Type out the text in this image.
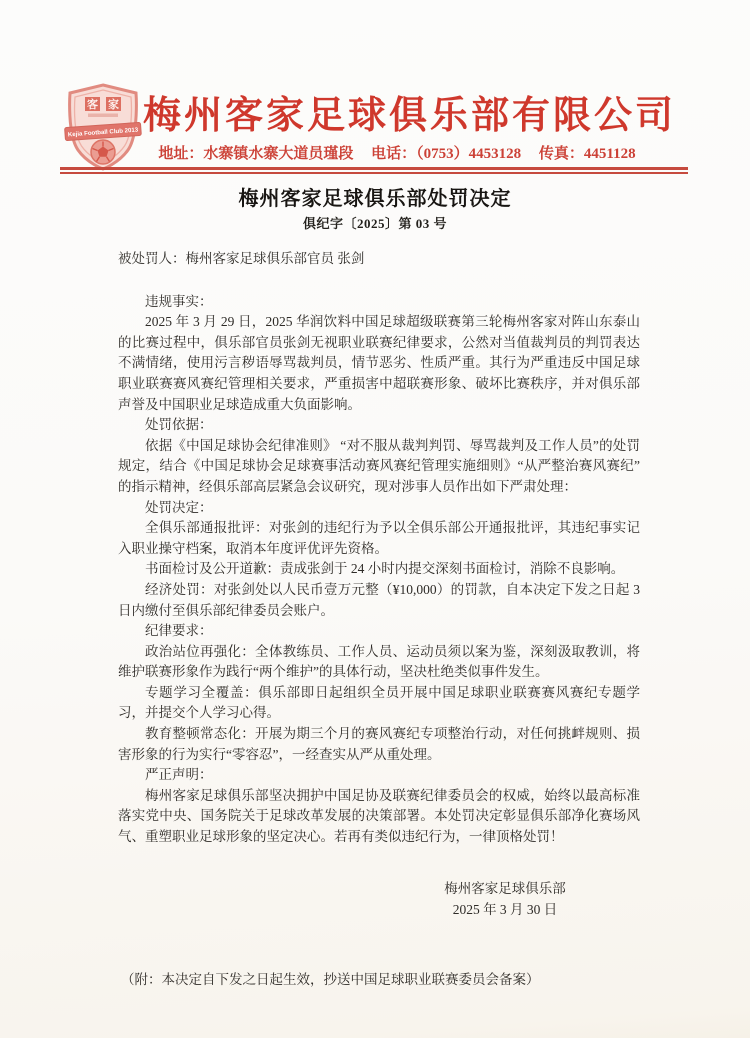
客 家
Kejia Football Club 2013 梅州客家足球俱乐部有限公司
地址：水寨镇水寨大道员瑾段 电话：（0753）4453128 传真：4451128
梅州客家足球俱乐部处罚决定
俱纪字〔2025〕第 03 号

被处罚人：梅州客家足球俱乐部官员 张剑

违规事实：

2025 年 3 月 29 日，2025 华润饮料中国足球超级联赛第三轮梅州客家对阵山东泰山的比赛过程中，俱乐部官员张剑无视职业联赛纪律要求，公然对当值裁判员的判罚表达不满情绪，使用污言秽语辱骂裁判员，情节恶劣、性质严重。其行为严重违反中国足球职业联赛赛风赛纪管理相关要求，严重损害中超联赛形象、破坏比赛秩序，并对俱乐部声誉及中国职业足球造成重大负面影响。

处罚依据：

依据《中国足球协会纪律准则》 “对不服从裁判判罚、辱骂裁判及工作人员”的处罚规定，结合《中国足球协会足球赛事活动赛风赛纪管理实施细则》“从严整治赛风赛纪”的指示精神，经俱乐部高层紧急会议研究，现对涉事人员作出如下严肃处理：

处罚决定：

全俱乐部通报批评：对张剑的违纪行为予以全俱乐部公开通报批评，其违纪事实记入职业操守档案，取消本年度评优评先资格。

书面检讨及公开道歉：责成张剑于 24 小时内提交深刻书面检讨，消除不良影响。

经济处罚：对张剑处以人民币壹万元整（¥10,000）的罚款，自本决定下发之日起 3 日内缴付至俱乐部纪律委员会账户。

纪律要求：

政治站位再强化：全体教练员、工作人员、运动员须以案为鉴，深刻汲取教训，将维护联赛形象作为践行“两个维护”的具体行动，坚决杜绝类似事件发生。

专题学习全覆盖：俱乐部即日起组织全员开展中国足球职业联赛赛风赛纪专题学习，并提交个人学习心得。

教育整顿常态化：开展为期三个月的赛风赛纪专项整治行动，对任何挑衅规则、损害形象的行为实行“零容忍”，一经查实从严从重处理。

严正声明：

梅州客家足球俱乐部坚决拥护中国足协及联赛纪律委员会的权威，始终以最高标准落实党中央、国务院关于足球改革发展的决策部署。本处罚决定彰显俱乐部净化赛场风气、重塑职业足球形象的坚定决心。若再有类似违纪行为，一律顶格处罚！

梅州客家足球俱乐部
2025 年 3 月 30 日

（附：本决定自下发之日起生效，抄送中国足球职业联赛委员会备案）
